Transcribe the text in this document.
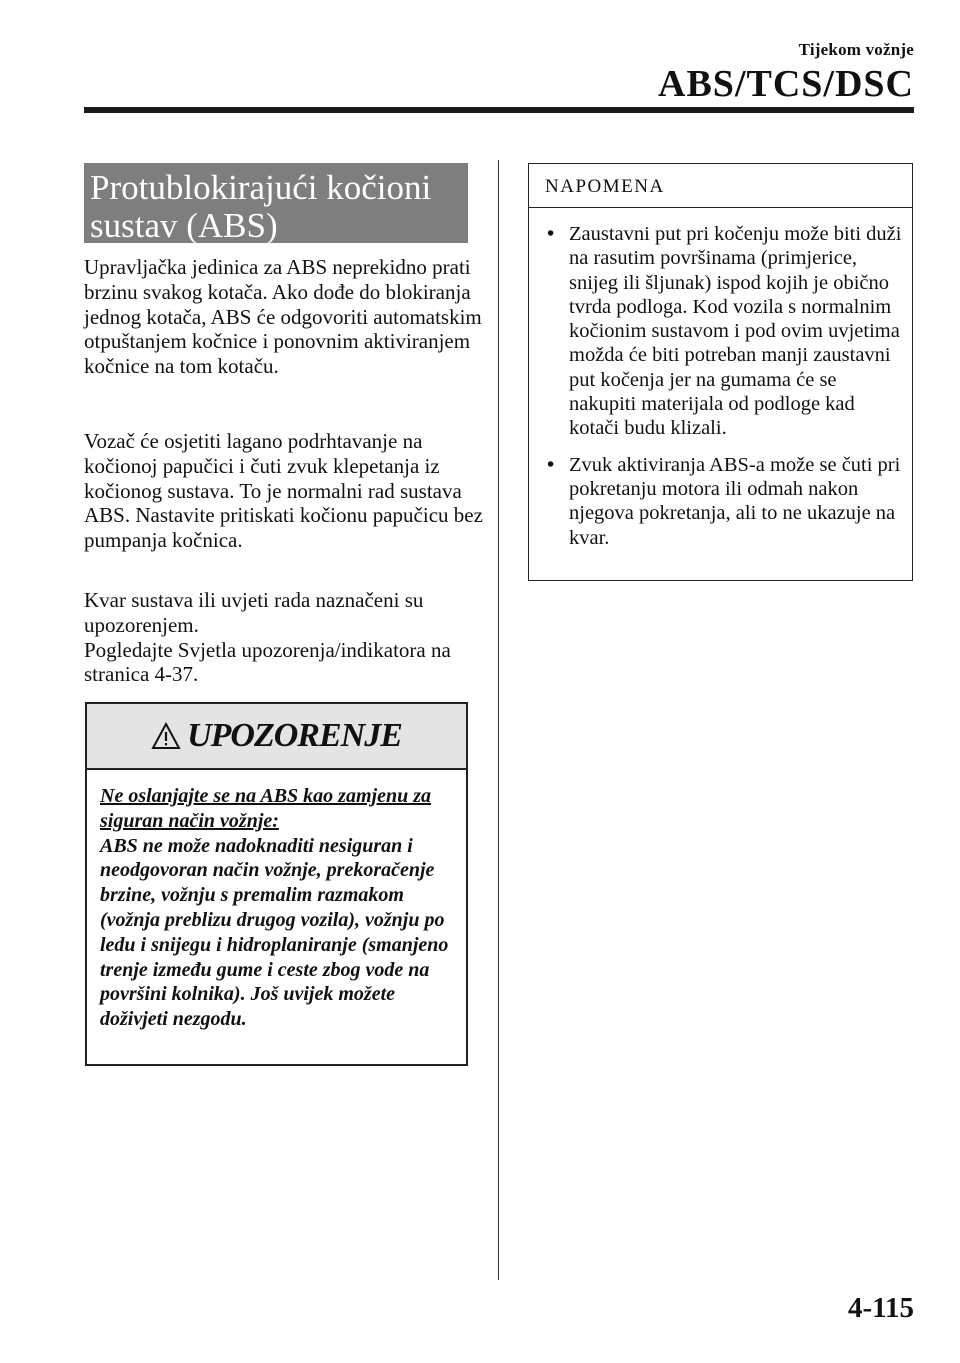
Tijekom vožnje
ABS/TCS/DSC
Protublokirajući kočioni sustav (ABS)

Upravljačka jedinica za ABS neprekidno prati brzinu svakog kotača. Ako dođe do blokiranja jednog kotača, ABS će odgovoriti automatskim otpuštanjem kočnice i ponovnim aktiviranjem kočnice na tom kotaču.

Vozač će osjetiti lagano podrhtavanje na kočionoj papučici i čuti zvuk klepetanja iz kočionog sustava. To je normalni rad sustava ABS. Nastavite pritiskati kočionu papučicu bez pumpanja kočnica.

Kvar sustava ili uvjeti rada naznačeni su upozorenjem.
Pogledajte Svjetla upozorenja/indikatora na stranica 4-37.
UPOZORENJE
Ne oslanjajte se na ABS kao zamjenu za siguran način vožnje:
ABS ne može nadoknaditi nesiguran i neodgovoran način vožnje, prekoračenje brzine, vožnju s premalim razmakom (vožnja preblizu drugog vozila), vožnju po ledu i snijegu i hidroplaniranje (smanjeno trenje između gume i ceste zbog vode na površini kolnika). Još uvijek možete doživjeti nezgodu.
NAPOMENA
• Zaustavni put pri kočenju može biti duži na rasutim površinama (primjerice, snijeg ili šljunak) ispod kojih je obično tvrda podloga. Kod vozila s normalnim kočionim sustavom i pod ovim uvjetima možda će biti potreban manji zaustavni put kočenja jer na gumama će se nakupiti materijala od podloge kad kotači budu klizali.
• Zvuk aktiviranja ABS-a može se čuti pri pokretanju motora ili odmah nakon njegova pokretanja, ali to ne ukazuje na kvar.
4-115
